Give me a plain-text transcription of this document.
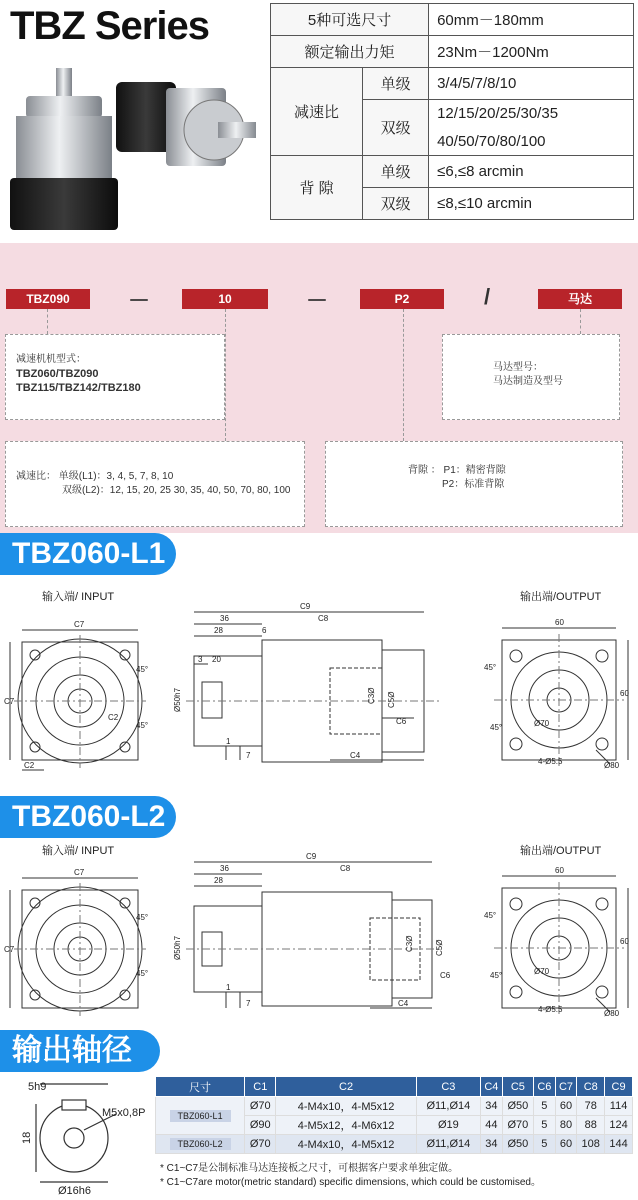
TBZ Series	5种可选尺寸		60mm－180mm
额定输出力矩		23Nm－1200Nm
减速比	单级	3/4/5/7/8/10
	双级	12/15/20/25/30/35
		40/50/70/80/100
背 隙	单级	≤6,≤8 arcmin
	双级	≤8,≤10 arcmin
TBZ090	－	10	－	P2	/	马达
减速机机型式：
TBZ060/TBZ090
TBZ115/TBZ142/TBZ180
马达型号：
马达制造及型号
减速比： 单级(L1)：3, 4, 5, 7, 8, 10
双级(L2)：12, 15, 20, 25 30, 35, 40, 50, 70, 80, 100
背隙 ： P1：精密背隙
P2：标准背隙
TBZ060-L1
输入端/ INPUT	输出端/OUTPUT
C7
C7
C2
C2
45°
45°
C9
36
28	6
C8
3 20
Ø50h7
1
7	C4
C6
C3Ø C5Ø
60
60
45°
45°	Ø70
4-Ø5.5	Ø80
TBZ060-L2
输入端/ INPUT	输出端/OUTPUT
C7
C7
45°
45°
C9
36
28
C8
Ø50h7
1
7	C4
C6
C3Ø	C5Ø
60
60
45°
45°	Ø70
4-Ø5.5	Ø80
输出轴径
5h9
M5x0,8P
18
Ø16h6
尺寸	C1	C2	C3	C4	C5	C6	C7	C8	C9
TBZ060-L1	Ø70	4-M4x10，4-M5x12	Ø11,Ø14	34	Ø50	5	60	78	114
	Ø90	4-M5x12，4-M6x12	Ø19	44	Ø70	5	80	88	124
TBZ060-L2	Ø70	4-M4x10，4-M5x12	Ø11,Ø14	34	Ø50	5	60	108	144
* C1~C7是公制标准马达连接板之尺寸，可根据客户要求单独定做。
* C1~C7are motor(metric standard) specific dimensions, which could be customised。
